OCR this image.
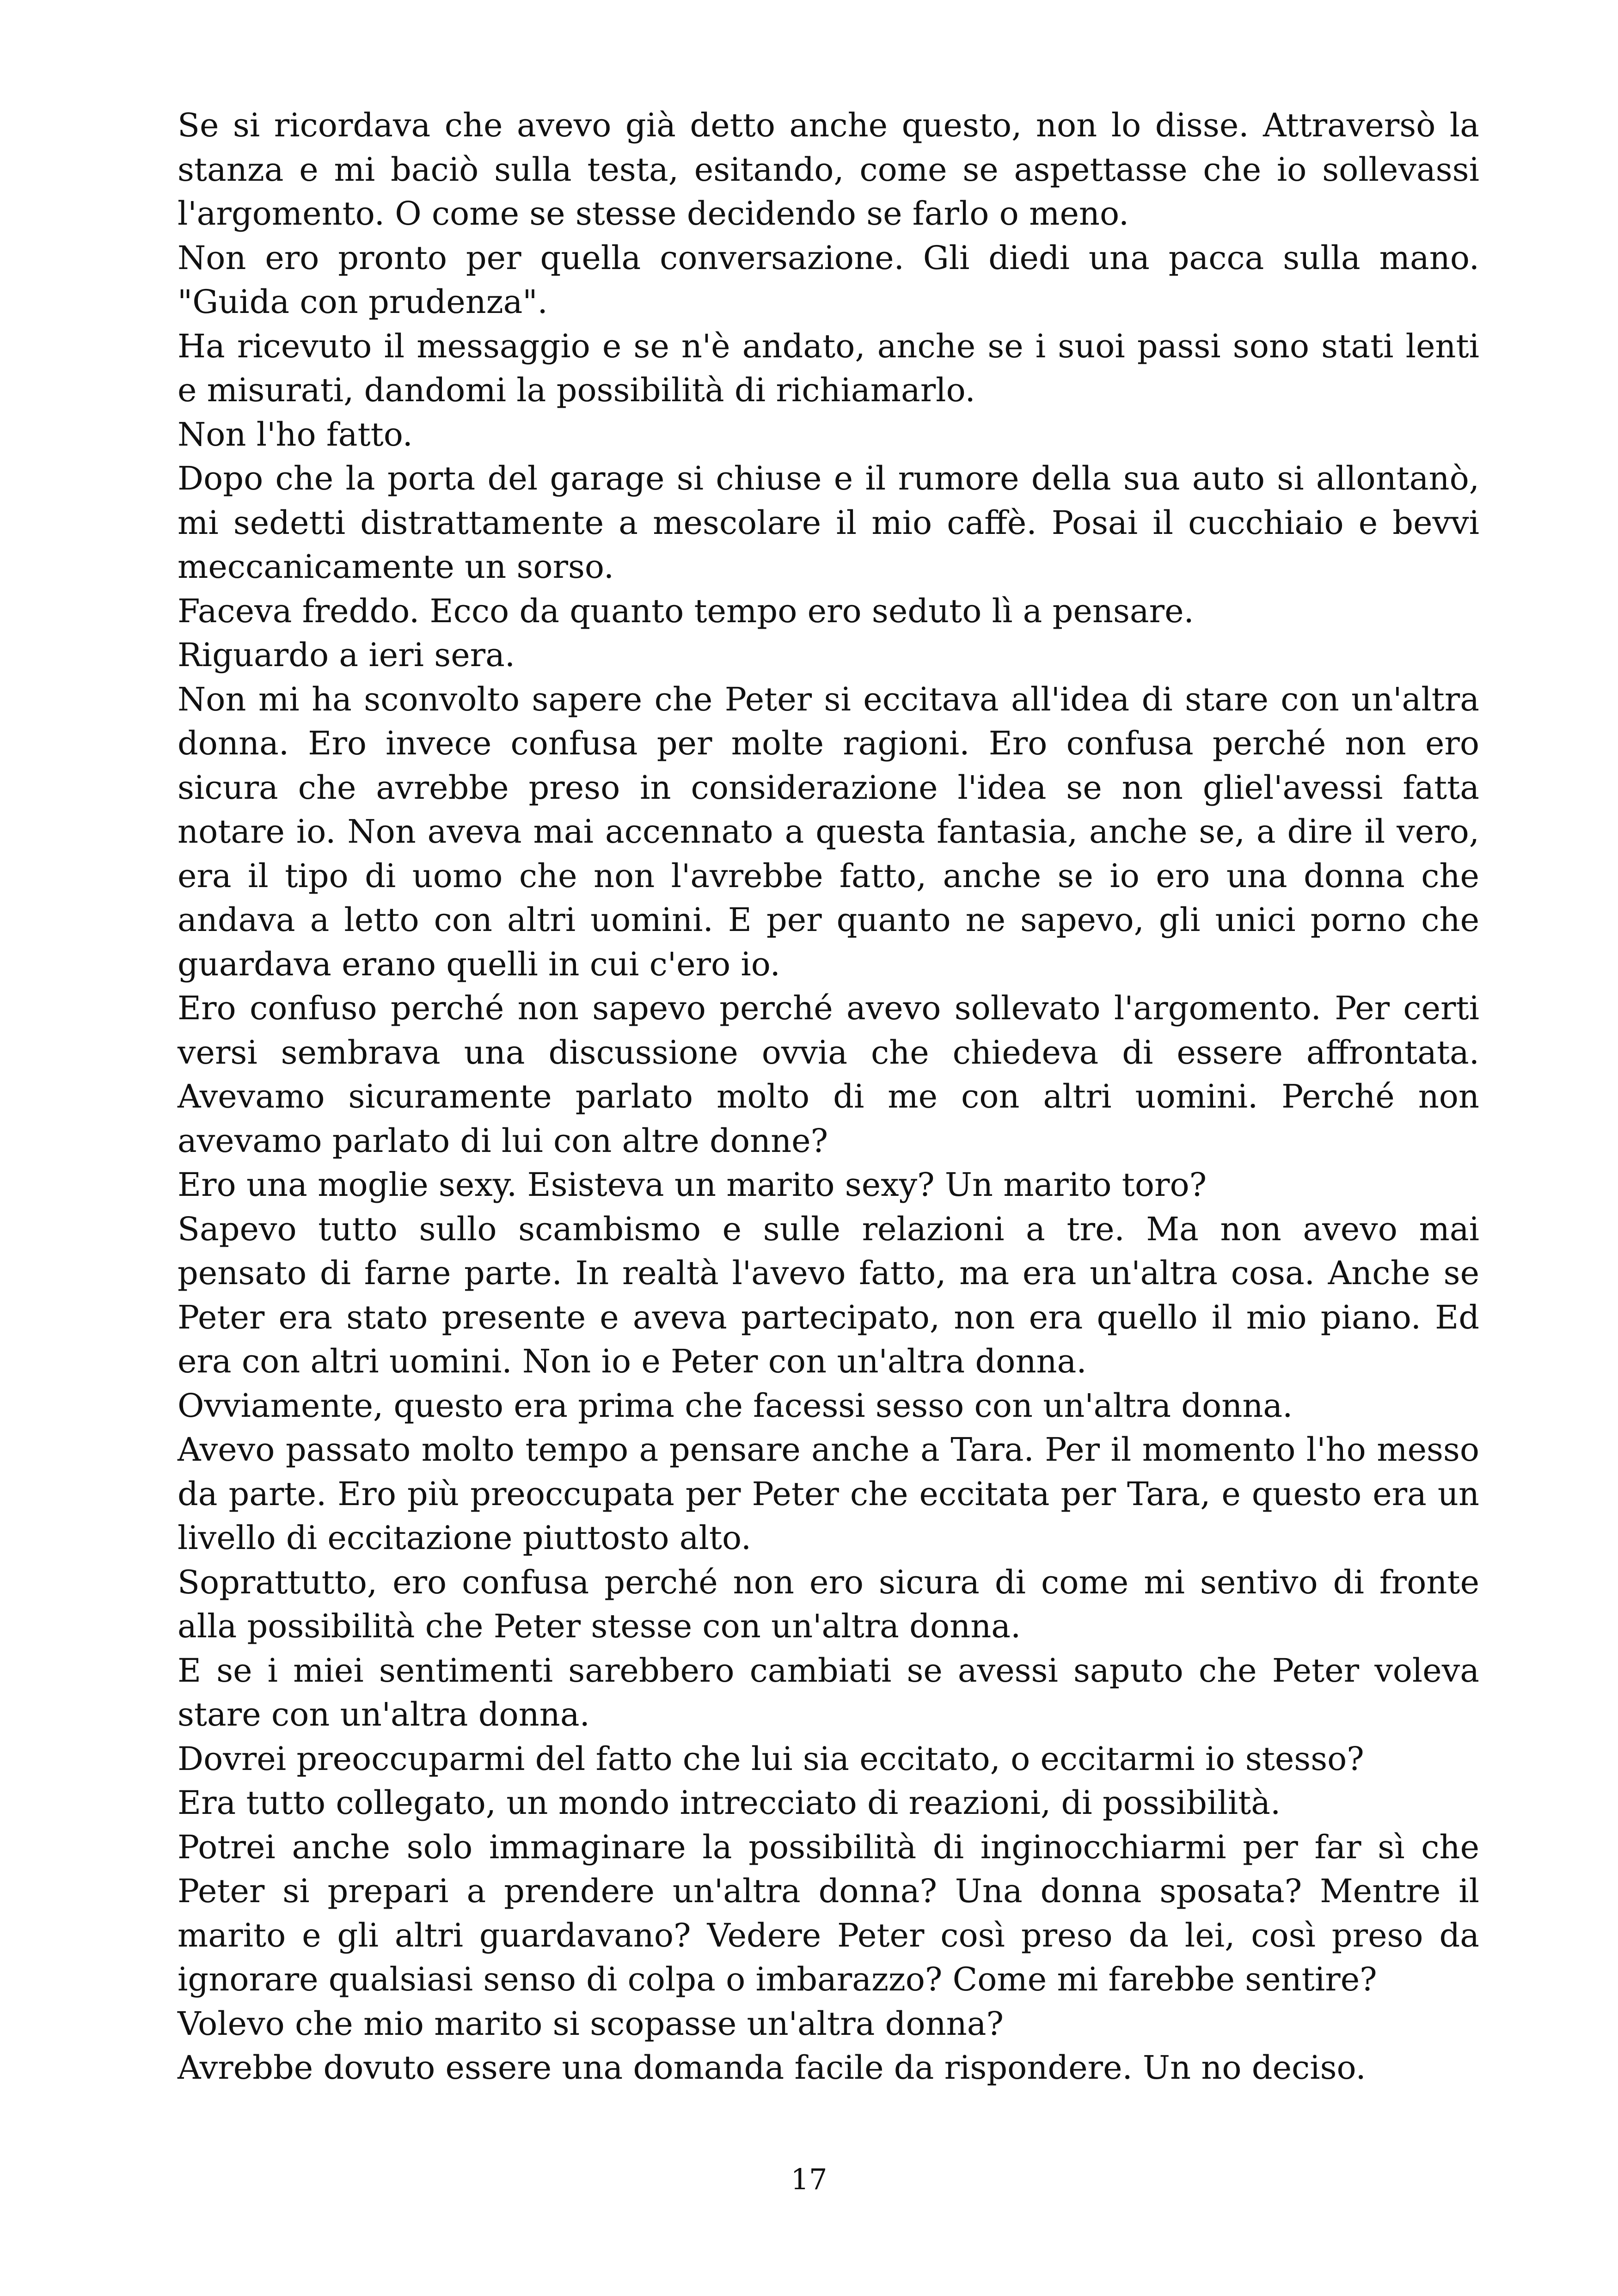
Se si ricordava che avevo già detto anche questo, non lo disse. Attraversò la stanza e mi baciò sulla testa, esitando, come se aspettasse che io sollevassi l'argomento. O come se stesse decidendo se farlo o meno.

Non ero pronto per quella conversazione. Gli diedi una pacca sulla mano. "Guida con prudenza".

Ha ricevuto il messaggio e se n'è andato, anche se i suoi passi sono stati lenti e misurati, dandomi la possibilità di richiamarlo.

Non l'ho fatto.

Dopo che la porta del garage si chiuse e il rumore della sua auto si allontanò, mi sedetti distrattamente a mescolare il mio caffè. Posai il cucchiaio e bevvi meccanicamente un sorso.

Faceva freddo. Ecco da quanto tempo ero seduto lì a pensare.

Riguardo a ieri sera.

Non mi ha sconvolto sapere che Peter si eccitava all'idea di stare con un'altra donna. Ero invece confusa per molte ragioni. Ero confusa perché non ero sicura che avrebbe preso in considerazione l'idea se non gliel'avessi fatta notare io. Non aveva mai accennato a questa fantasia, anche se, a dire il vero, era il tipo di uomo che non l'avrebbe fatto, anche se io ero una donna che andava a letto con altri uomini. E per quanto ne sapevo, gli unici porno che guardava erano quelli in cui c'ero io.

Ero confuso perché non sapevo perché avevo sollevato l'argomento. Per certi versi sembrava una discussione ovvia che chiedeva di essere affrontata. Avevamo sicuramente parlato molto di me con altri uomini. Perché non avevamo parlato di lui con altre donne?

Ero una moglie sexy. Esisteva un marito sexy? Un marito toro?

Sapevo tutto sullo scambismo e sulle relazioni a tre. Ma non avevo mai pensato di farne parte. In realtà l'avevo fatto, ma era un'altra cosa. Anche se Peter era stato presente e aveva partecipato, non era quello il mio piano. Ed era con altri uomini. Non io e Peter con un'altra donna.

Ovviamente, questo era prima che facessi sesso con un'altra donna.

Avevo passato molto tempo a pensare anche a Tara. Per il momento l'ho messo da parte. Ero più preoccupata per Peter che eccitata per Tara, e questo era un livello di eccitazione piuttosto alto.

Soprattutto, ero confusa perché non ero sicura di come mi sentivo di fronte alla possibilità che Peter stesse con un'altra donna.

E se i miei sentimenti sarebbero cambiati se avessi saputo che Peter voleva stare con un'altra donna.

Dovrei preoccuparmi del fatto che lui sia eccitato, o eccitarmi io stesso?

Era tutto collegato, un mondo intrecciato di reazioni, di possibilità.

Potrei anche solo immaginare la possibilità di inginocchiarmi per far sì che Peter si prepari a prendere un'altra donna? Una donna sposata? Mentre il marito e gli altri guardavano? Vedere Peter così preso da lei, così preso da ignorare qualsiasi senso di colpa o imbarazzo? Come mi farebbe sentire?

Volevo che mio marito si scopasse un'altra donna?

Avrebbe dovuto essere una domanda facile da rispondere. Un no deciso.

17
